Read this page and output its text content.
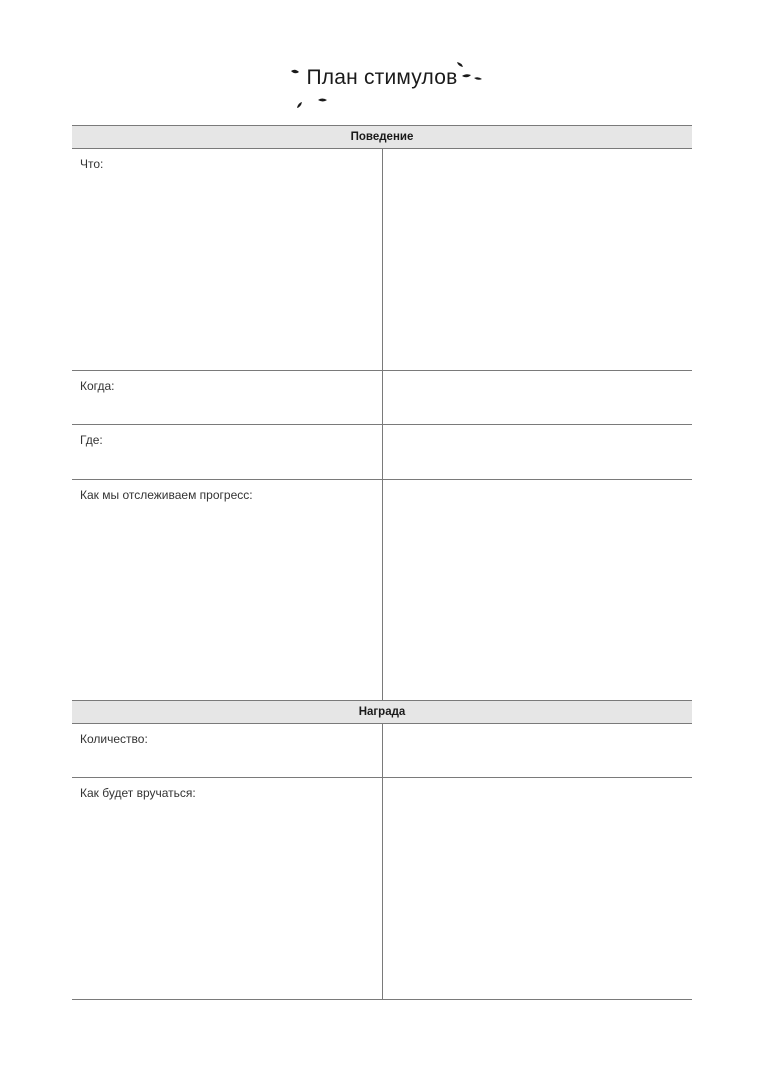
План стимулов
Поведение	

Что:	

Когда:	

Где:	

Как мы отслеживаем прогресс:	

Награда	

Количество:	

Как будет вручаться:	
